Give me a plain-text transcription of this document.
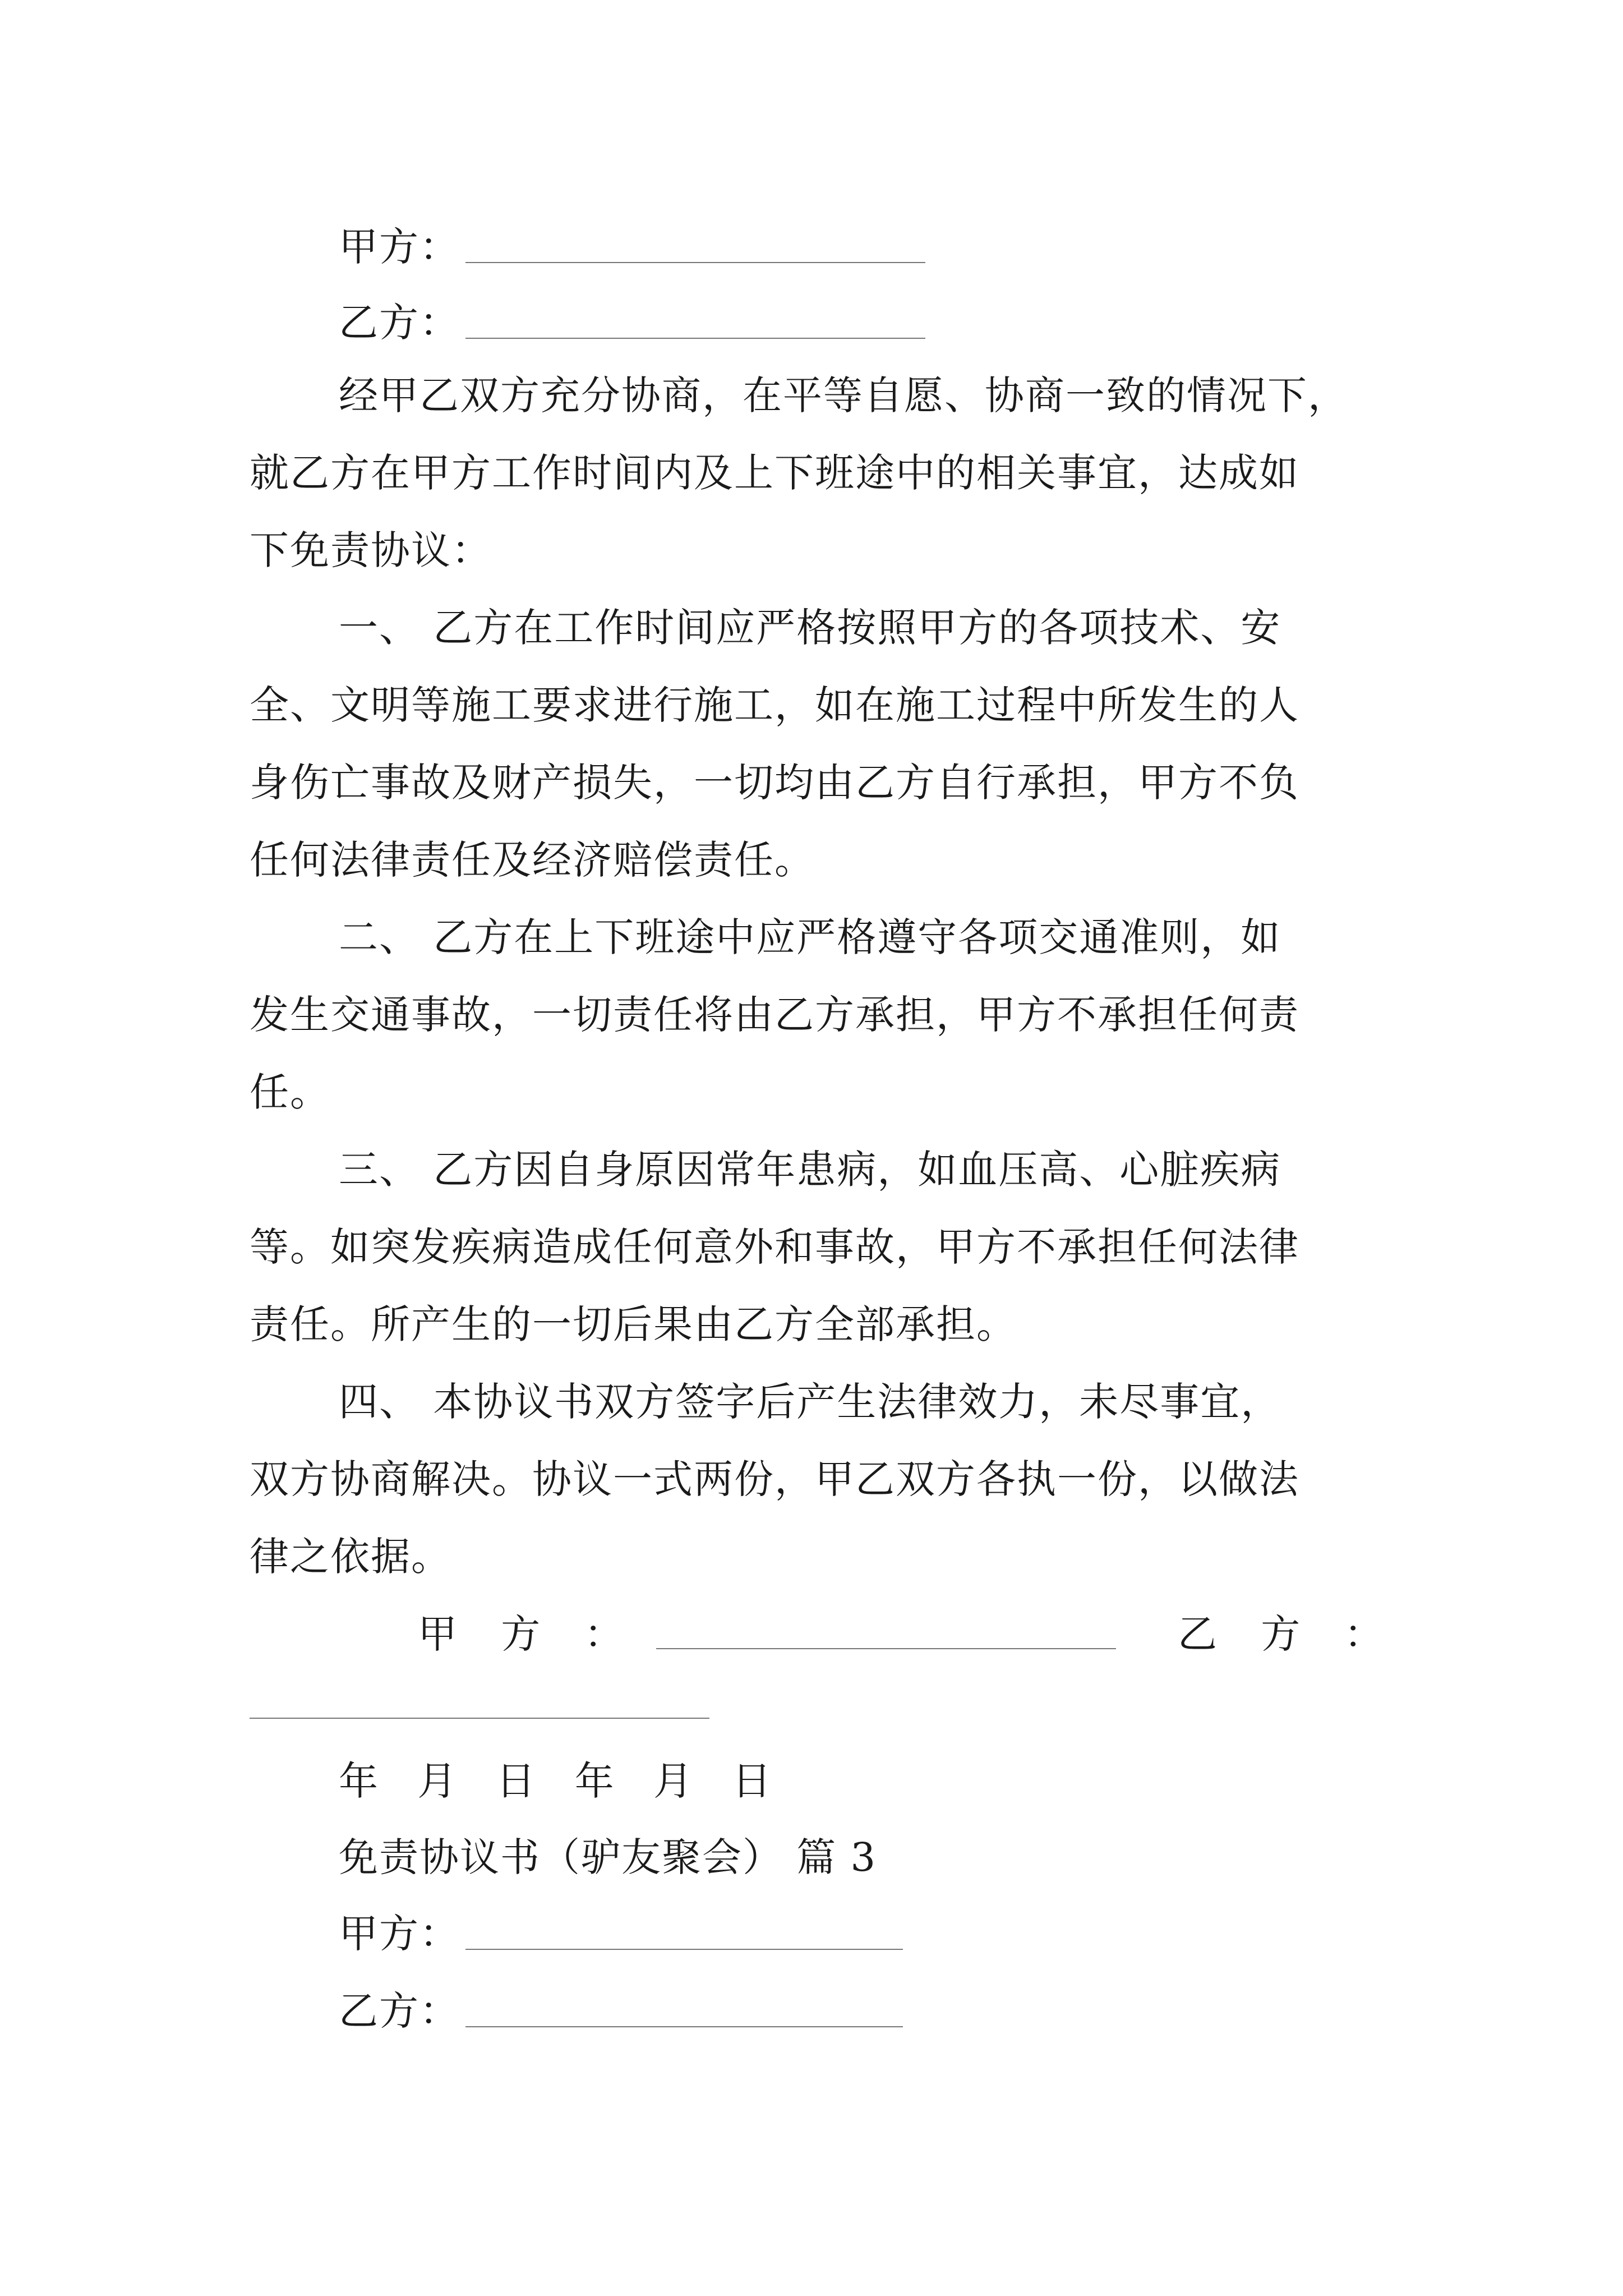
甲方：
乙方：
经甲乙双方充分协商，在平等自愿、协商一致的情况下，
就乙方在甲方工作时间内及上下班途中的相关事宜，达成如
下免责协议：
一、 乙方在工作时间应严格按照甲方的各项技术、安
全、文明等施工要求进行施工，如在施工过程中所发生的人
身伤亡事故及财产损失，一切均由乙方自行承担，甲方不负
任何法律责任及经济赔偿责任。
二、 乙方在上下班途中应严格遵守各项交通准则，如
发生交通事故，一切责任将由乙方承担，甲方不承担任何责
任。
三、 乙方因自身原因常年患病，如血压高、心脏疾病
等。如突发疾病造成任何意外和事故，甲方不承担任何法律
责任。所产生的一切后果由乙方全部承担。
四、 本协议书双方签字后产生法律效力，未尽事宜，
双方协商解决。协议一式两份，甲乙双方各执一份，以做法
律之依据。
甲 方 ：	乙 方 ：
年 月 日 年 月 日
免责协议书（驴友聚会） 篇 3
甲方：
乙方：
